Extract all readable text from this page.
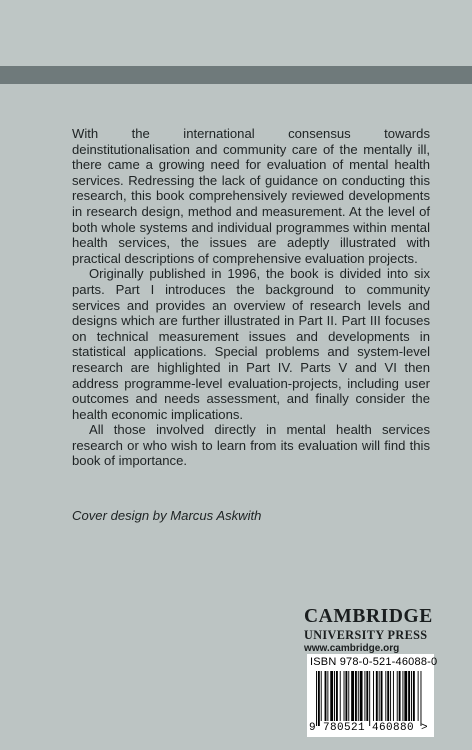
With the international consensus towards deinstitutionalisation and community care of the mentally ill, there came a growing need for evaluation of mental health services. Redressing the lack of guidance on conducting this research, this book comprehensively reviewed developments in research design, method and measurement. At the level of both whole systems and individual programmes within mental health services, the issues are adeptly illustrated with practical descriptions of comprehensive evaluation projects.

Originally published in 1996, the book is divided into six parts. Part I introduces the background to community services and provides an overview of research levels and designs which are further illustrated in Part II. Part III focuses on technical measurement issues and developments in statistical applications. Special problems and system-level research are highlighted in Part IV. Parts V and VI then address programme-level evaluation-projects, including user outcomes and needs assessment, and finally consider the health economic implications.

All those involved directly in mental health services research or who wish to learn from its evaluation will find this book of importance.

Cover design by Marcus Askwith
CAMBRIDGE
UNIVERSITY PRESS
www.cambridge.org
ISBN 978-0-521-46088-0
9 780521 460880 >
